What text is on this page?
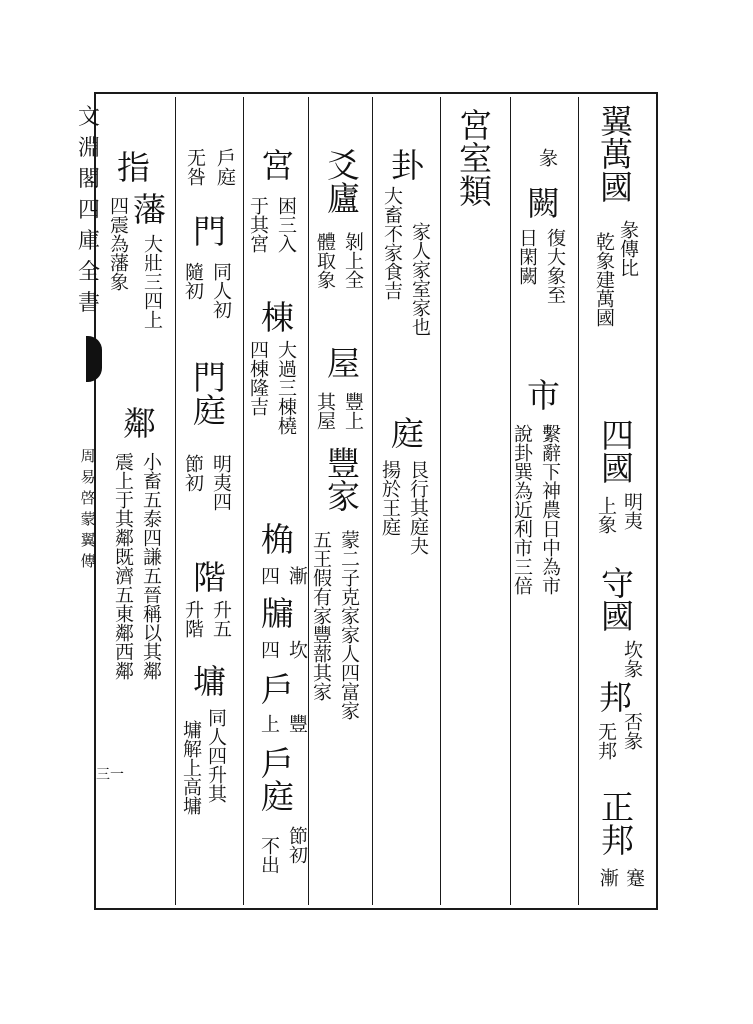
文淵閣四庫全書
周易啓蒙翼傳
三一
翼萬國
彖傳比
乾象建萬國
四國
明夷
上象
守國
坎彖
邦
否彖
无邦
正邦
蹇
漸
彖
闕
復大象至
日閑闕
市
繫辭下神農日中為市
說卦巽為近利市三倍
宮室類
卦
家人家室家也
大畜不家食吉
庭
艮行其庭夬
揚於王庭
爻
廬
剝上全
體取象
屋
豐上
其屋
豐
家
蒙二子克家家人四富家
五王假有家豐蔀其家
宮
困三入
于其宮
棟
大過三棟橈
四棟隆吉
桷
漸
四
牖
坎
四
戶
豐
上
戶庭
節初
不出
戶庭
无咎
門
同人初
隨初
門庭
明夷四
節初
階
升五
升階
墉
同人四升其
墉解上高墉
指
四震為藩象 藩
大壯三四上
鄰
小畜五泰四謙五晉稱以其鄰
震上于其鄰既濟五東鄰西鄰
